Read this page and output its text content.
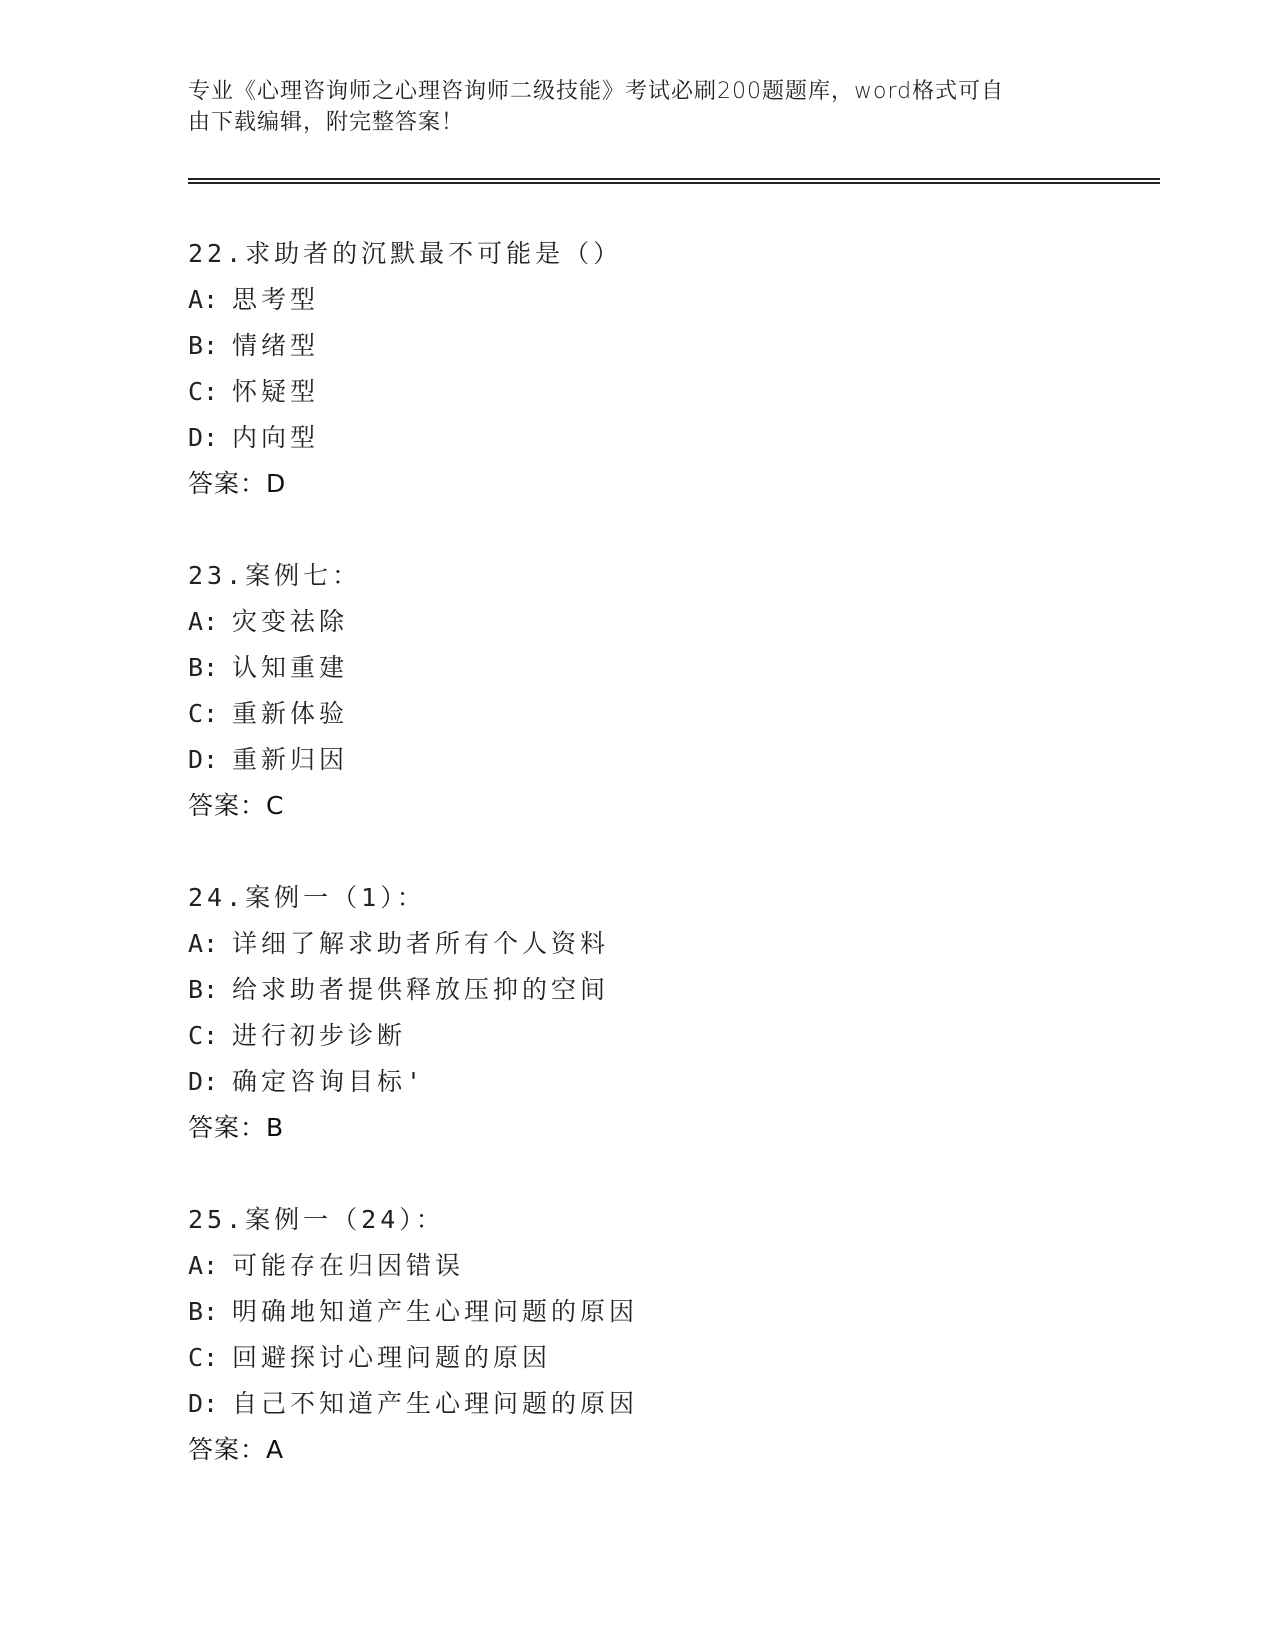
专业《心理咨询师之心理咨询师二级技能》考试必刷200题题库，word格式可自
由下载编辑，附完整答案！
22.求助者的沉默最不可能是（）
A: 思考型
B: 情绪型
C: 怀疑型
D: 内向型
答案：D
23.案例七：
A: 灾变祛除
B: 认知重建
C: 重新体验
D: 重新归因
答案：C
24.案例一（1）：
A: 详细了解求助者所有个人资料
B: 给求助者提供释放压抑的空间
C: 进行初步诊断
D: 确定咨询目标'
答案：B
25.案例一（24）：
A: 可能存在归因错误
B: 明确地知道产生心理问题的原因
C: 回避探讨心理问题的原因
D: 自己不知道产生心理问题的原因
答案：A
